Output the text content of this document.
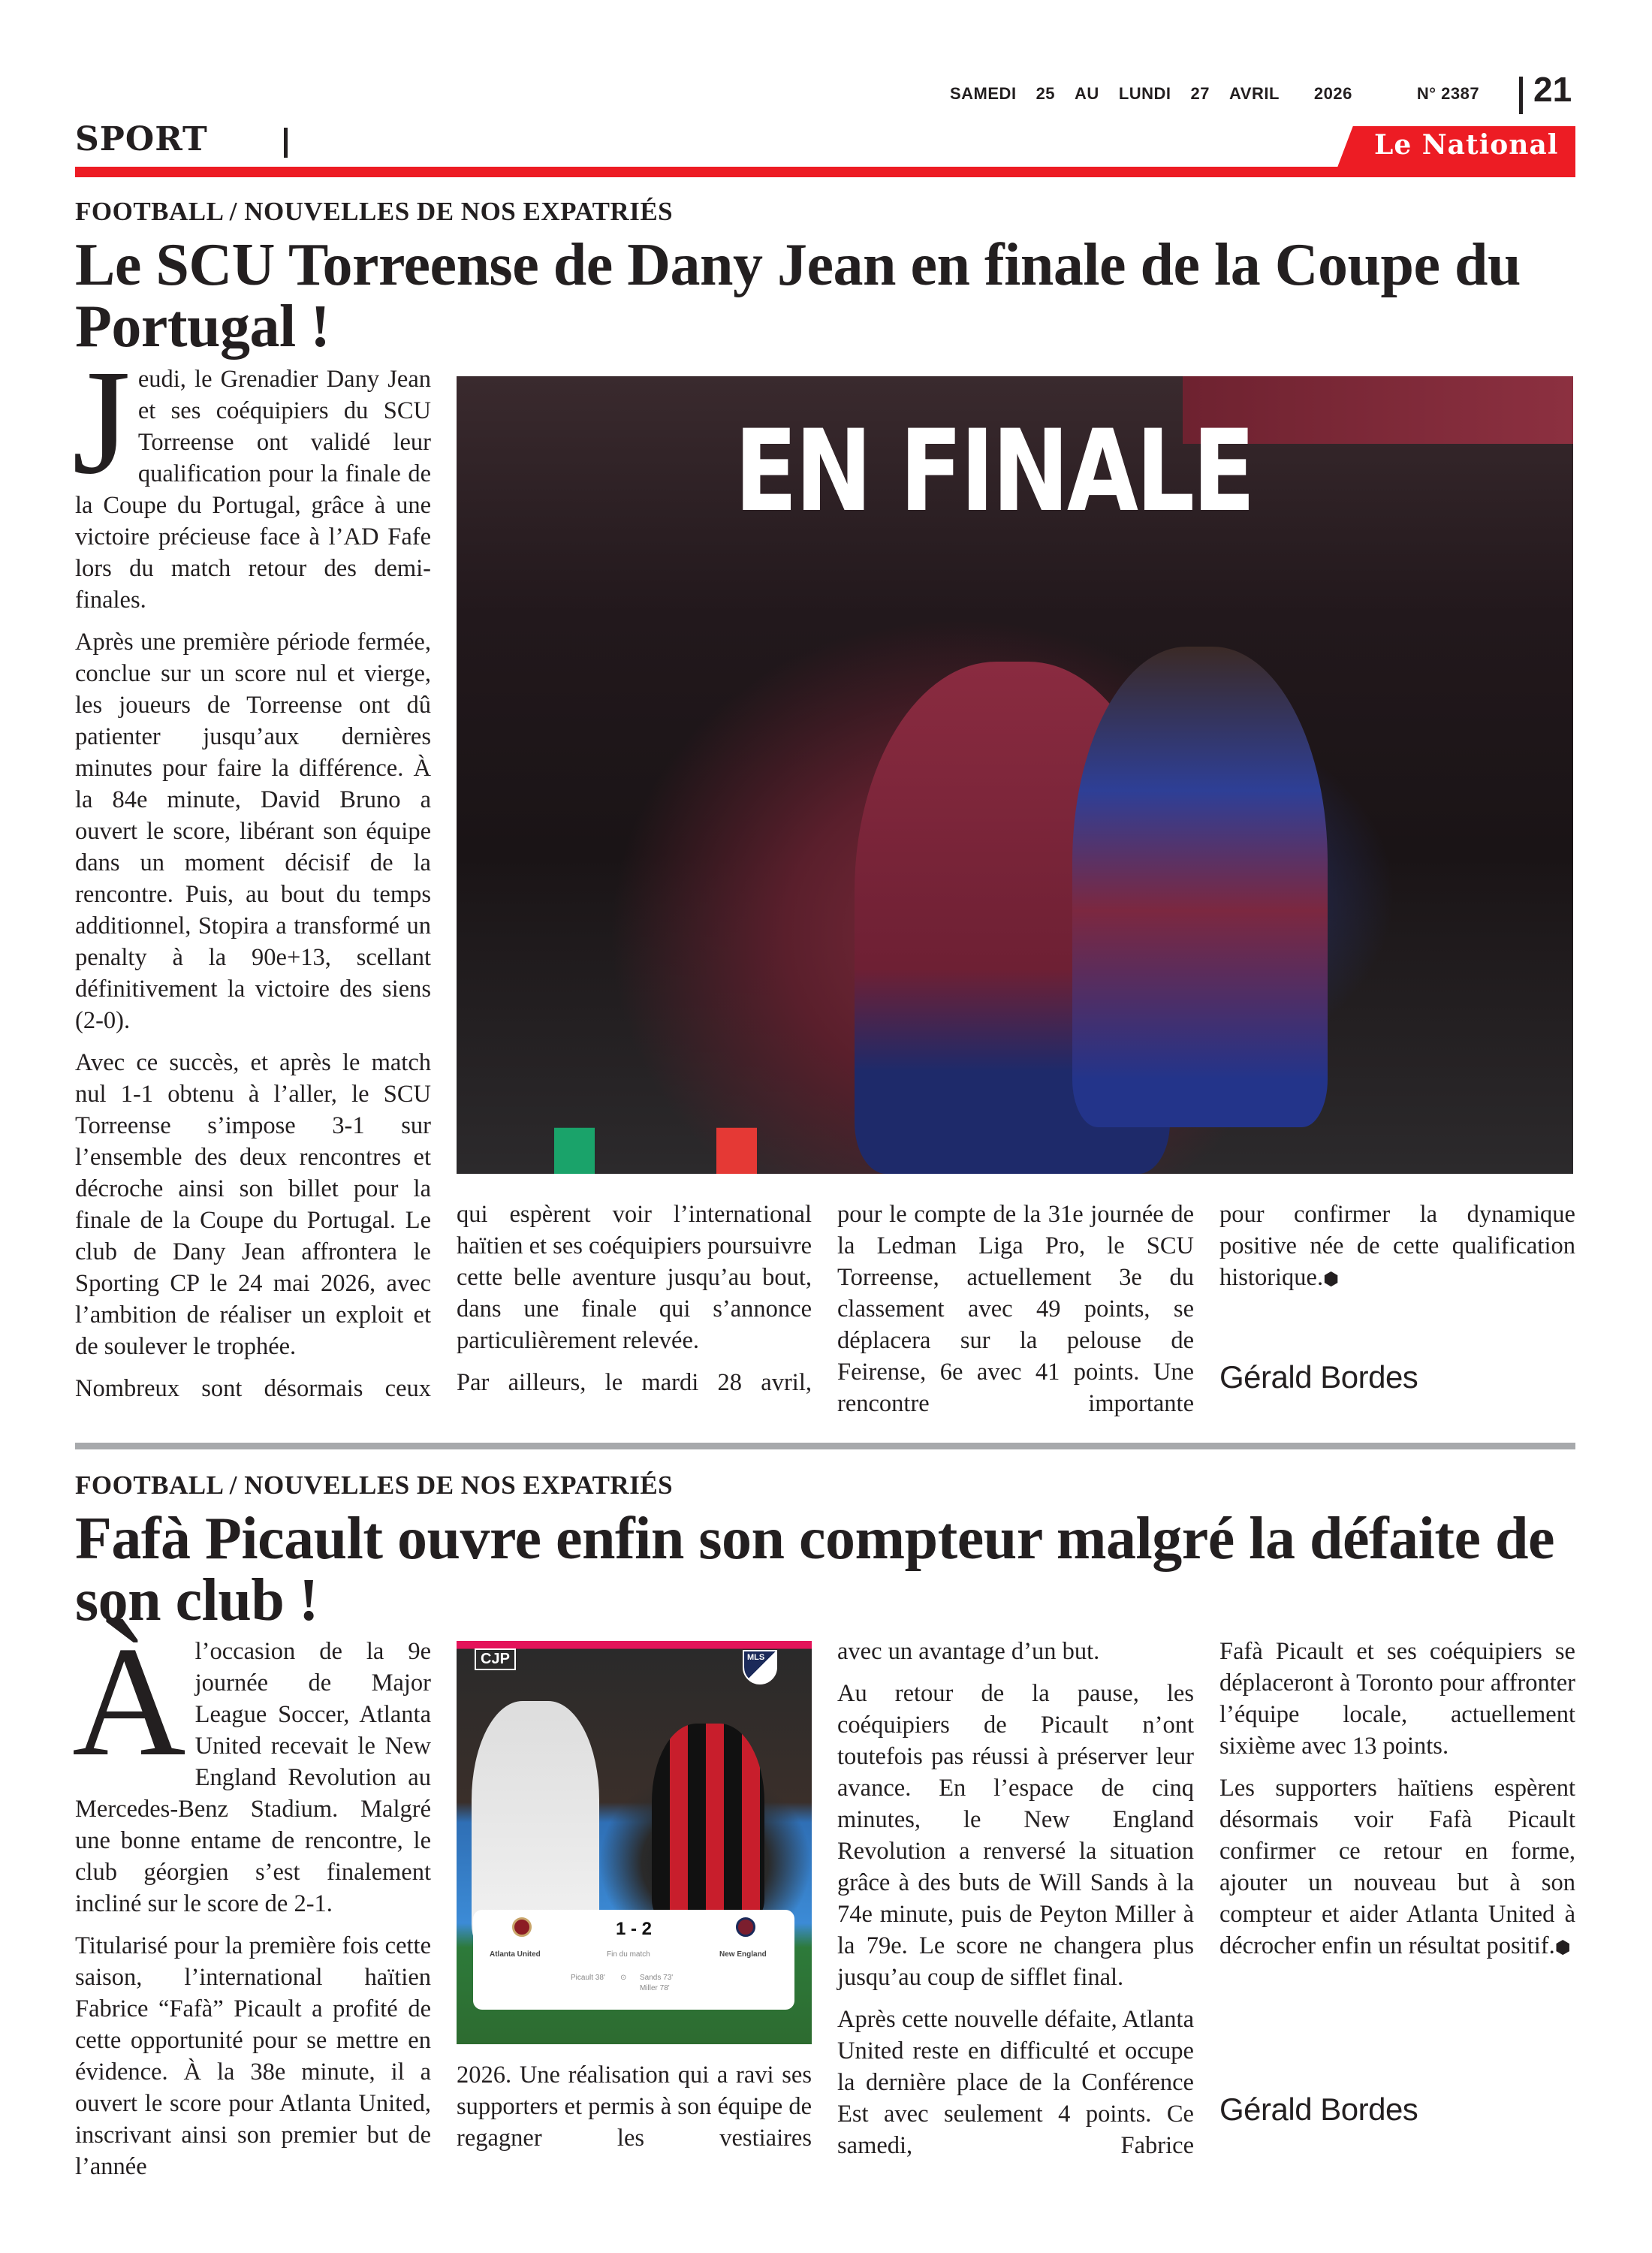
SAMEDI 25 AU LUNDI 27 AVRIL 2026	N° 2387 21
SPORT	Le National
FOOTBALL / NOUVELLES DE NOS EXPATRIÉS
Le SCU Torreense de Dany Jean en finale de la Coupe du Portugal !

Jeudi, le Grenadier Dany Jean et ses coéquipiers du SCU Torreense ont validé leur qualification pour la finale de la Coupe du Portugal, grâce à une victoire précieuse face à l’AD Fafe lors du match retour des demi-finales.

Après une première période fermée, conclue sur un score nul et vierge, les joueurs de Torreense ont dû patienter jusqu’aux dernières minutes pour faire la différence. À la 84e minute, David Bruno a ouvert le score, libérant son équipe dans un moment décisif de la rencontre. Puis, au bout du temps additionnel, Stopira a transformé un penalty à la 90e+13, scellant définitivement la victoire des siens (2-0).

Avec ce succès, et après le match nul 1-1 obtenu à l’aller, le SCU Torreense s’impose 3-1 sur l’ensemble des deux rencontres et décroche ainsi son billet pour la finale de la Coupe du Portugal. Le club de Dany Jean affrontera le Sporting CP le 24 mai 2026, avec l’ambition de réaliser un exploit et de soulever le trophée.

Nombreux sont désormais ceux

EN FINALE

qui espèrent voir l’international haïtien et ses coéquipiers poursuivre cette belle aventure jusqu’au bout, dans une finale qui s’annonce particulièrement relevée.

Par ailleurs, le mardi 28 avril,

pour le compte de la 31e journée de la Ledman Liga Pro, le SCU Torreense, actuellement 3e du classement avec 49 points, se déplacera sur la pelouse de Feirense, 6e avec 41 points. Une rencontre importante

pour confirmer la dynamique positive née de cette qualification historique.⬢

Gérald Bordes
FOOTBALL / NOUVELLES DE NOS EXPATRIÉS
Fafà Picault ouvre enfin son compteur malgré la défaite de son club !

Àl’occasion de la 9e journée de Major League Soccer, Atlanta United recevait le New England Revolution au Mercedes-Benz Stadium. Malgré une bonne entame de rencontre, le club géorgien s’est finalement incliné sur le score de 2-1.

Titularisé pour la première fois cette saison, l’international haïtien Fabrice “Fafà” Picault a profité de cette opportunité pour se mettre en évidence. À la 38e minute, il a ouvert le score pour Atlanta United, inscrivant ainsi son premier but de l’année

CJP	MLS
1 - 2
Atlanta United	Fin du match	New England
Picault 38' ⊙ Sands 73'
Miller 78'

2026. Une réalisation qui a ravi ses supporters et permis à son équipe de regagner les vestiaires

avec un avantage d’un but.

Au retour de la pause, les coéquipiers de Picault n’ont toutefois pas réussi à préserver leur avance. En l’espace de cinq minutes, le New England Revolution a renversé la situation grâce à des buts de Will Sands à la 74e minute, puis de Peyton Miller à la 79e. Le score ne changera plus jusqu’au coup de sifflet final.

Après cette nouvelle défaite, Atlanta United reste en difficulté et occupe la dernière place de la Conférence Est avec seulement 4 points. Ce samedi, Fabrice

Fafà Picault et ses coéquipiers se déplaceront à Toronto pour affronter l’équipe locale, actuellement sixième avec 13 points.

Les supporters haïtiens espèrent désormais voir Fafà Picault confirmer ce retour en forme, ajouter un nouveau but à son compteur et aider Atlanta United à décrocher enfin un résultat positif.⬢

Gérald Bordes
